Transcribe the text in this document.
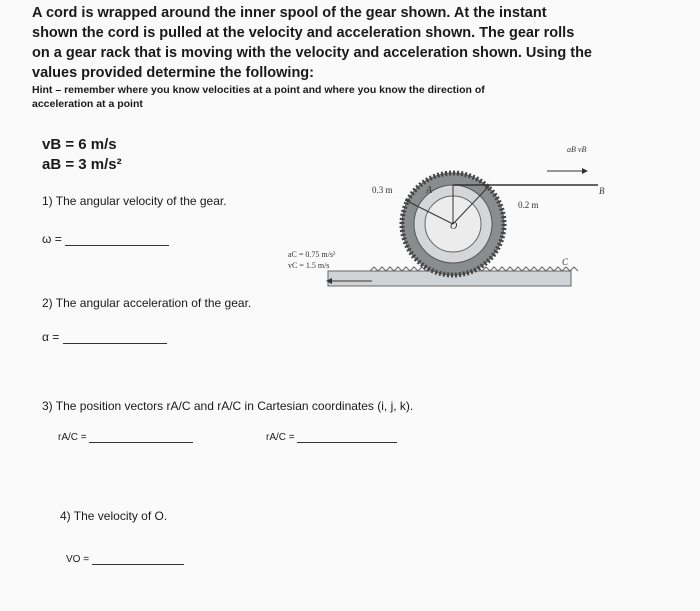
A cord is wrapped around the inner spool of the gear shown. At the instant
shown the cord is pulled at the velocity and acceleration shown. The gear rolls
on a gear rack that is moving with the velocity and acceleration shown. Using the
values provided determine the following:
Hint – remember where you know velocities at a point and where you know the direction of
acceleration at a point
vB = 6 m/s
aB = 3 m/s²
1) The angular velocity of the gear.
ω =
2) The angular acceleration of the gear.
α =
3) The position vectors rA/C and rA/C in Cartesian coordinates (i, j, k).
rA/C =	rA/C =
4) The velocity of O.
VO =
0.3 m
0.2 m
A
O
B
C
aB vB
aC = 0.75 m/s²
vC = 1.5 m/s
